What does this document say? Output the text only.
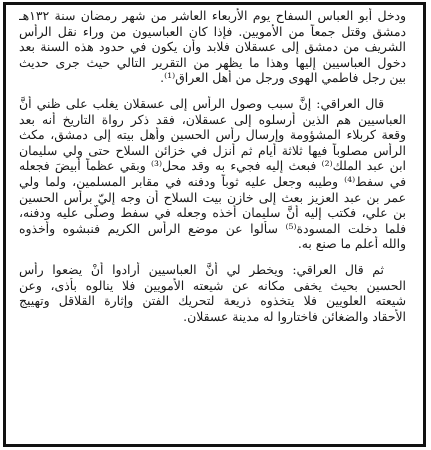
ودخل أبو العباس السفاح يوم الأربعاء العاشر من شهر رمضان سنة ١٣٢هـ
دمشق وقتل جمعاً من الأمويين. فإذا كان العباسيون من وراء نقل الرأس
الشريف من دمشق إلى عسقلان فلابد وأن يكون في حدود هذه السنة بعد
دخول العباسيين إليها وهذا ما يظهر من التقرير التالي حيث جرى حديث
بين رجل فاطمي الهوى ورجل من أهل العراق⁽¹⁾.
قال العراقي: إنَّ سبب وصول الرأس إلى عسقلان يغلب على ظني أنَّ
العباسيين هم الذين أرسلوه إلى عسقلان، فقد ذكر رواة التاريخ أنه بعد
وقعة كربلاء المشؤومة وإرسال رأس الحسين وأهل بيته إلى دمشق، مكث
الرأس مصلوباً فيها ثلاثة أيام ثم أنزل في خزائن السلاح حتى ولي سليمان
ابن عبد الملك⁽²⁾ فبعث إليه فجيء به وقد محل⁽³⁾ وبقي عظماً أبيضَ فجعله
في سفط⁽⁴⁾ وطيبه وجعل عليه ثوباً ودفنه في مقابر المسلمين، ولما ولي
عمر بن عبد العزيز بعث إلى خازن بيت السلاح أن وجه إليّ برأس الحسين
بن علي، فكتب إليه أنَّ سليمان أخذه وجعله في سفط وصلّى عليه ودفنه،
فلما دخلت المسودة⁽⁵⁾ سألوا عن موضع الرأس الكريم فنبشوه وأخذوه
والله أعلم ما صنع به.
ثم قال العراقي: ويخطر لي أنَّ العباسيين أرادوا أنْ يضعوا رأس
الحسين بحيث يخفى مكانه عن شيعته الأمويين فلا ينالوه بأذى، وعن
شيعته العلويين فلا يتخذوه ذريعة لتحريك الفتن وإثارة القلاقل وتهييج
الأحقاد والضغائن فاختاروا له مدينة عسقلان.
